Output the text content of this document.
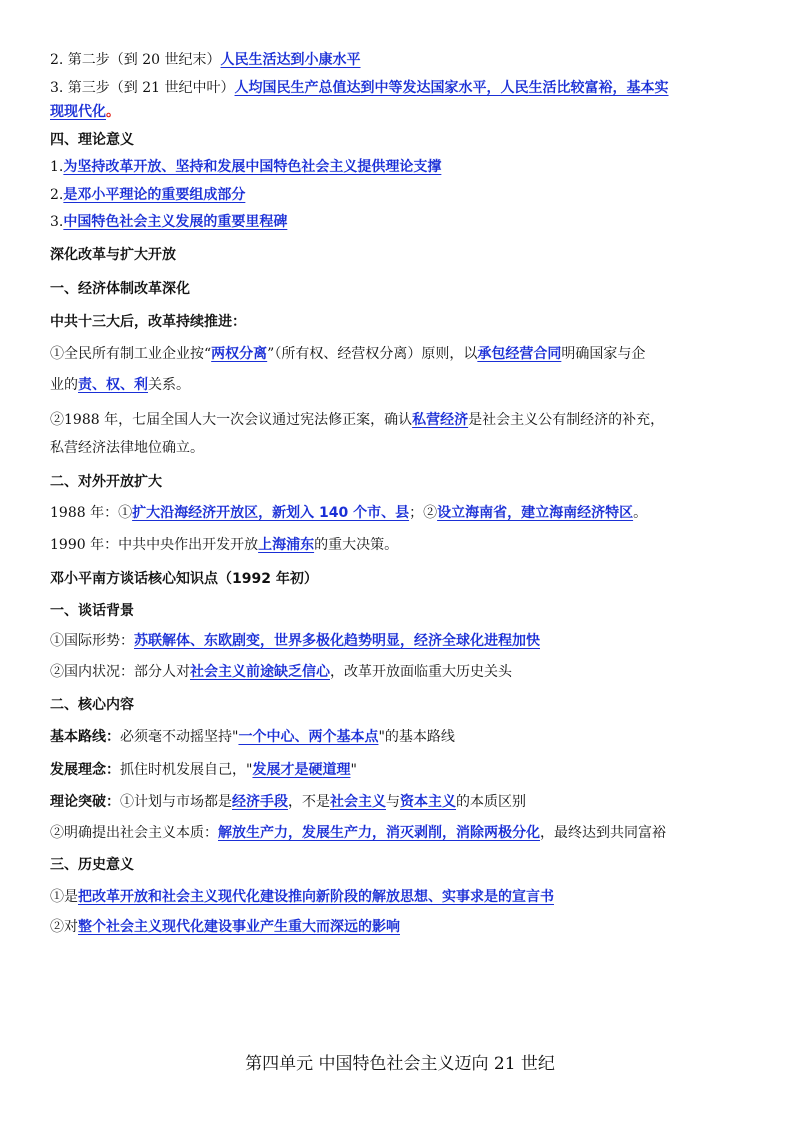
2. 第二步（到 20 世纪末）人民生活达到小康水平
3. 第三步（到 21 世纪中叶）人均国民生产总值达到中等发达国家水平，人民生活比较富裕，基本实
现现代化。
四、理论意义
1.为坚持改革开放、坚持和发展中国特色社会主义提供理论支撑
2.是邓小平理论的重要组成部分
3.中国特色社会主义发展的重要里程碑
深化改革与扩大开放
一、经济体制改革深化
中共十三大后，改革持续推进：
①全民所有制工业企业按“两权分离”（所有权、经营权分离）原则，以承包经营合同明确国家与企
业的责、权、利关系。
②1988 年，七届全国人大一次会议通过宪法修正案，确认私营经济是社会主义公有制经济的补充，
私营经济法律地位确立。
二、对外开放扩大
1988 年：①扩大沿海经济开放区，新划入 140 个市、县；②设立海南省，建立海南经济特区。
1990 年：中共中央作出开发开放上海浦东的重大决策。
邓小平南方谈话核心知识点（1992 年初）
一、谈话背景
①国际形势：苏联解体、东欧剧变，世界多极化趋势明显，经济全球化进程加快
②国内状况：部分人对社会主义前途缺乏信心，改革开放面临重大历史关头
二、核心内容
基本路线：必须毫不动摇坚持"一个中心、两个基本点"的基本路线
发展理念：抓住时机发展自己，"发展才是硬道理"
理论突破：①计划与市场都是经济手段，不是社会主义与资本主义的本质区别
②明确提出社会主义本质：解放生产力，发展生产力，消灭剥削，消除两极分化，最终达到共同富裕
三、历史意义
①是把改革开放和社会主义现代化建设推向新阶段的解放思想、实事求是的宣言书
②对整个社会主义现代化建设事业产生重大而深远的影响
第四单元 中国特色社会主义迈向 21 世纪
